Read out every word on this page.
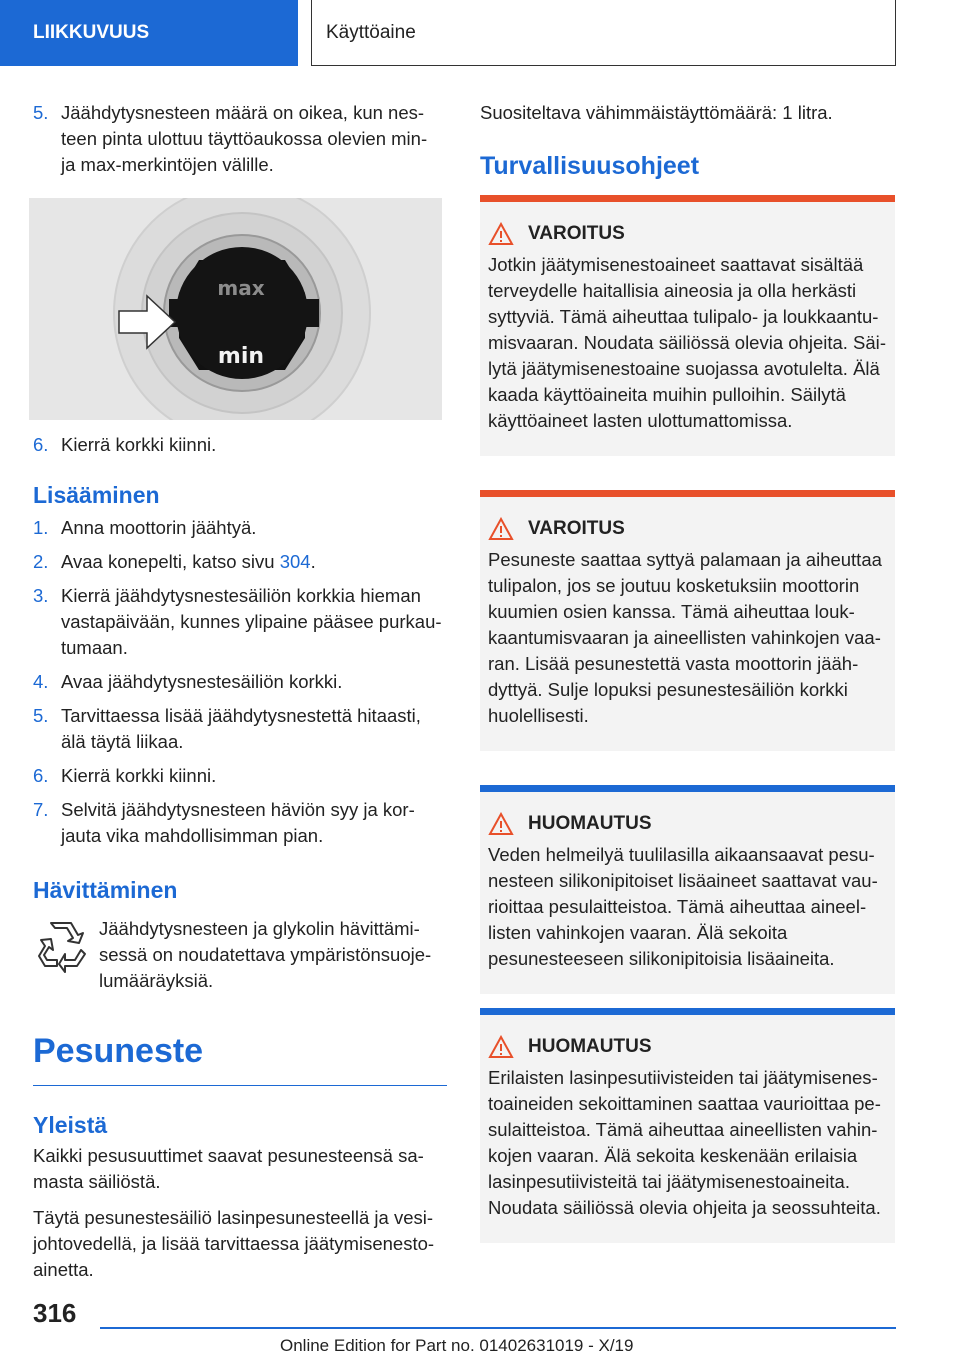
LIIKKUVUUS	Käyttöaine
5. Jäähdytysnesteen määrä on oikea, kun nesteen pinta ulottuu täyttöaukossa olevien min- ja max-merkintöjen välille.
max
min
6. Kierrä korkki kiinni.
Lisääminen
1. Anna moottorin jäähtyä.
2. Avaa konepelti, katso sivu 304.
3. Kierrä jäähdytysnestesäiliön korkkia hieman vastapäivään, kunnes ylipaine pääsee purkautumaan.
4. Avaa jäähdytysnestesäiliön korkki.
5. Tarvittaessa lisää jäähdytysnestettä hitaasti, älä täytä liikaa.
6. Kierrä korkki kiinni.
7. Selvitä jäähdytysnesteen häviön syy ja korjauta vika mahdollisimman pian.
Hävittäminen

Jäähdytysnesteen ja glykolin hävittämisessä on noudatettava ympäristönsuojelumääräyksiä.

Pesuneste
Yleistä

Kaikki pesusuuttimet saavat pesunesteensä samasta säiliöstä.

Täytä pesunestesäiliö lasinpesunesteellä ja vesijohtovedellä, ja lisää tarvittaessa jäätymisenestoainetta.

Suositeltava vähimmäistäyttömäärä: 1 litra.

Turvallisuusohjeet
VAROITUS
Jotkin jäätymisenestoaineet saattavat sisältää terveydelle haitallisia aineosia ja olla herkästi syttyviä. Tämä aiheuttaa tulipalo- ja loukkaantumisvaaran. Noudata säiliössä olevia ohjeita. Säilytä jäätymisenestoaine suojassa avotulelta. Älä kaada käyttöaineita muihin pulloihin. Säilytä käyttöaineet lasten ulottumattomissa.
VAROITUS
Pesuneste saattaa syttyä palamaan ja aiheuttaa tulipalon, jos se joutuu kosketuksiin moottorin kuumien osien kanssa. Tämä aiheuttaa loukkaantumisvaaran ja aineellisten vahinkojen vaaran. Lisää pesunestettä vasta moottorin jäähdyttyä. Sulje lopuksi pesunestesäiliön korkki huolellisesti.
HUOMAUTUS
Veden helmeilyä tuulilasilla aikaansaavat pesunesteen silikonipitoiset lisäaineet saattavat vaurioittaa pesulaitteistoa. Tämä aiheuttaa aineellisten vahinkojen vaaran. Älä sekoita pesunesteeseen silikonipitoisia lisäaineita.
HUOMAUTUS
Erilaisten lasinpesutiivisteiden tai jäätymisenestoaineiden sekoittaminen saattaa vaurioittaa pesulaitteistoa. Tämä aiheuttaa aineellisten vahinkojen vaaran. Älä sekoita keskenään erilaisia lasinpesutiivisteitä tai jäätymisenestoaineita. Noudata säiliössä olevia ohjeita ja seossuhteita.
316
Online Edition for Part no. 01402631019 - X/19
